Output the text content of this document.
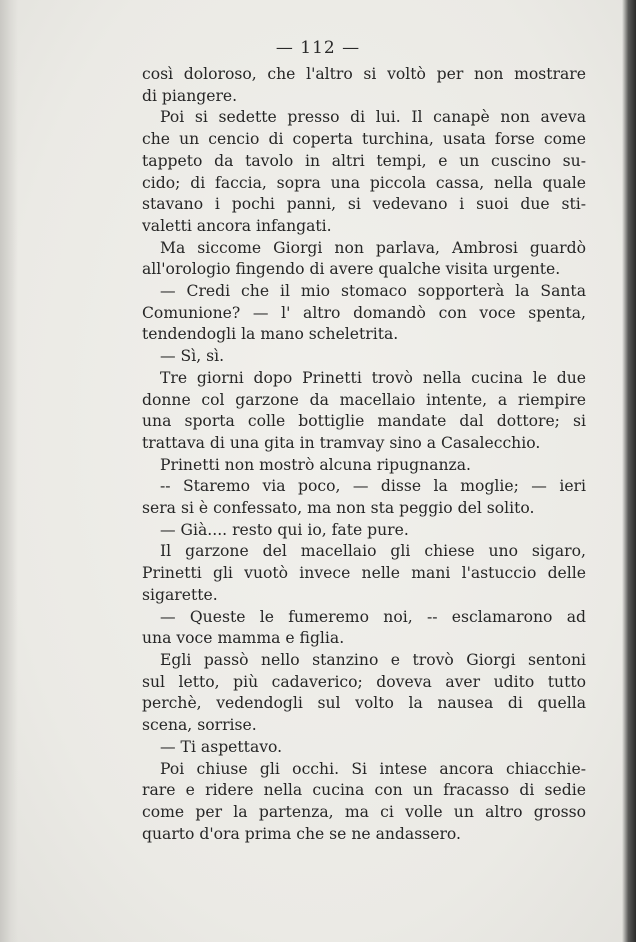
— 112 —
così doloroso, che l'altro si voltò per non mostrare
di piangere.
Poi si sedette presso di lui. Il canapè non aveva
che un cencio di coperta turchina, usata forse come
tappeto da tavolo in altri tempi, e un cuscino su-
cido; di faccia, sopra una piccola cassa, nella quale
stavano i pochi panni, si vedevano i suoi due sti-
valetti ancora infangati.
Ma siccome Giorgi non parlava, Ambrosi guardò
all'orologio fingendo di avere qualche visita urgente.
— Credi che il mio stomaco sopporterà la Santa
Comunione? — l' altro domandò con voce spenta,
tendendogli la mano scheletrita.
— Sì, sì.
Tre giorni dopo Prinetti trovò nella cucina le due
donne col garzone da macellaio intente, a riempire
una sporta colle bottiglie mandate dal dottore; si
trattava di una gita in tramvay sino a Casalecchio.
Prinetti non mostrò alcuna ripugnanza.
-- Staremo via poco, — disse la moglie; — ieri
sera si è confessato, ma non sta peggio del solito.
— Già.... resto qui io, fate pure.
Il garzone del macellaio gli chiese uno sigaro,
Prinetti gli vuotò invece nelle mani l'astuccio delle
sigarette.
— Queste le fumeremo noi, -- esclamarono ad
una voce mamma e figlia.
Egli passò nello stanzino e trovò Giorgi sentoni
sul letto, più cadaverico; doveva aver udito tutto
perchè, vedendogli sul volto la nausea di quella
scena, sorrise.
— Ti aspettavo.
Poi chiuse gli occhi. Si intese ancora chiacchie-
rare e ridere nella cucina con un fracasso di sedie
come per la partenza, ma ci volle un altro grosso
quarto d'ora prima che se ne andassero.
